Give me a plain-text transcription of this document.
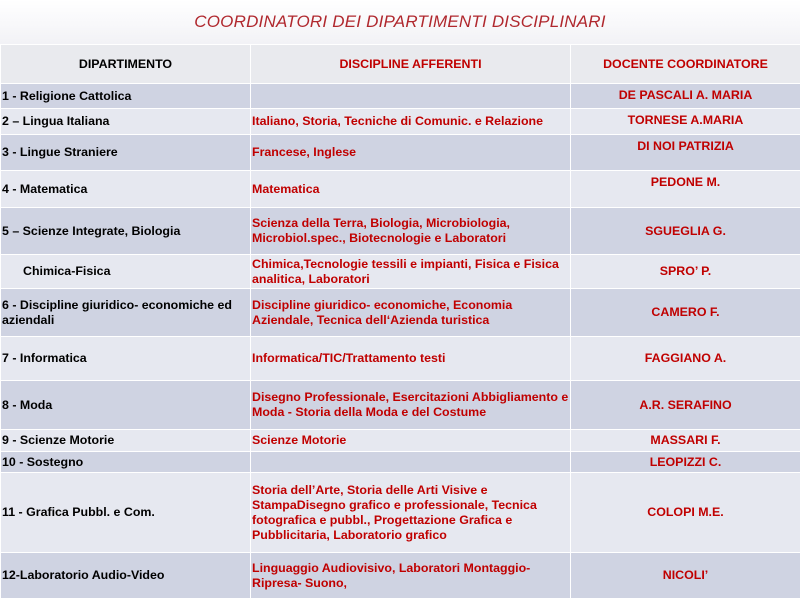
COORDINATORI DEI DIPARTIMENTI DISCIPLINARI
DIPARTIMENTO	DISCIPLINE AFFERENTI	DOCENTE COORDINATORE
1 - Religione Cattolica		DE PASCALI A. MARIA
2 – Lingua Italiana	Italiano, Storia, Tecniche di Comunic. e Relazione	TORNESE A.MARIA
3 - Lingue Straniere	Francese, Inglese	DI NOI PATRIZIA
4 - Matematica	Matematica	PEDONE M.
5 – Scienze Integrate, Biologia	Scienza della Terra, Biologia, Microbiologia, Microbiol.spec., Biotecnologie e Laboratori	SGUEGLIA G.
Chimica-Fisica	Chimica,Tecnologie tessili e impianti, Fisica e Fisica analitica, Laboratori	SPRO’ P.
6 - Discipline giuridico- economiche ed aziendali	Discipline giuridico- economiche, Economia Aziendale, Tecnica dell‘Azienda turistica	CAMERO F.
7 - Informatica	Informatica/TIC/Trattamento testi	FAGGIANO A.
8 - Moda	Disegno Professionale, Esercitazioni Abbigliamento e Moda - Storia della Moda e del Costume	A.R. SERAFINO
9 - Scienze Motorie	Scienze Motorie	MASSARI F.
10 - Sostegno		LEOPIZZI C.
11 - Grafica Pubbl. e Com.	Storia dell’Arte, Storia delle Arti Visive e StampaDisegno grafico e professionale, Tecnica fotografica e pubbl., Progettazione Grafica e Pubblicitaria, Laboratorio grafico	COLOPI M.E.
12-Laboratorio Audio-Video	Linguaggio Audiovisivo, Laboratori Montaggio-Ripresa- Suono,	NICOLI’
